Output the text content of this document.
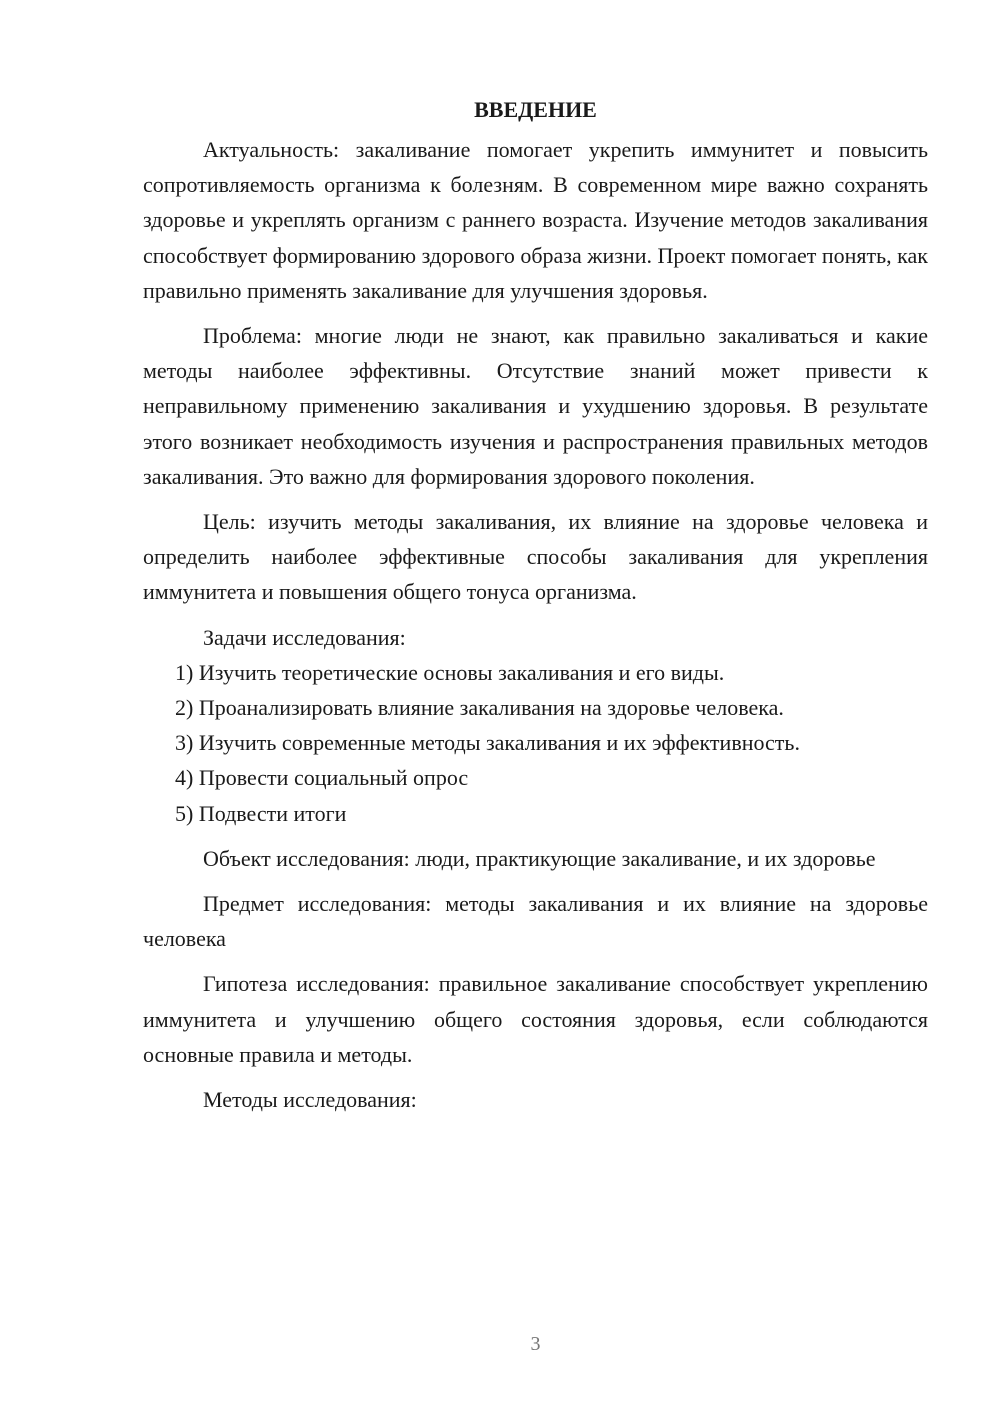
ВВЕДЕНИЕ

Актуальность: закаливание помогает укрепить иммунитет и повысить сопротивляемость организма к болезням. В современном мире важно сохранять здоровье и укреплять организм с раннего возраста. Изучение методов закаливания способствует формированию здорового образа жизни. Проект помогает понять, как правильно применять закаливание для улучшения здоровья.

Проблема: многие люди не знают, как правильно закаливаться и какие методы наиболее эффективны. Отсутствие знаний может привести к неправильному применению закаливания и ухудшению здоровья. В результате этого возникает необходимость изучения и распространения правильных методов закаливания. Это важно для формирования здорового поколения.

Цель: изучить методы закаливания, их влияние на здоровье человека и определить наиболее эффективные способы закаливания для укрепления иммунитета и повышения общего тонуса организма.

Задачи исследования:

1) Изучить теоретические основы закаливания и его виды.

2) Проанализировать влияние закаливания на здоровье человека.

3) Изучить современные методы закаливания и их эффективность.

4) Провести социальный опрос

5) Подвести итоги

Объект исследования: люди, практикующие закаливание, и их здоровье

Предмет исследования: методы закаливания и их влияние на здоровье человека

Гипотеза исследования: правильное закаливание способствует укреплению иммунитета и улучшению общего состояния здоровья, если соблюдаются основные правила и методы.

Методы исследования:

3
